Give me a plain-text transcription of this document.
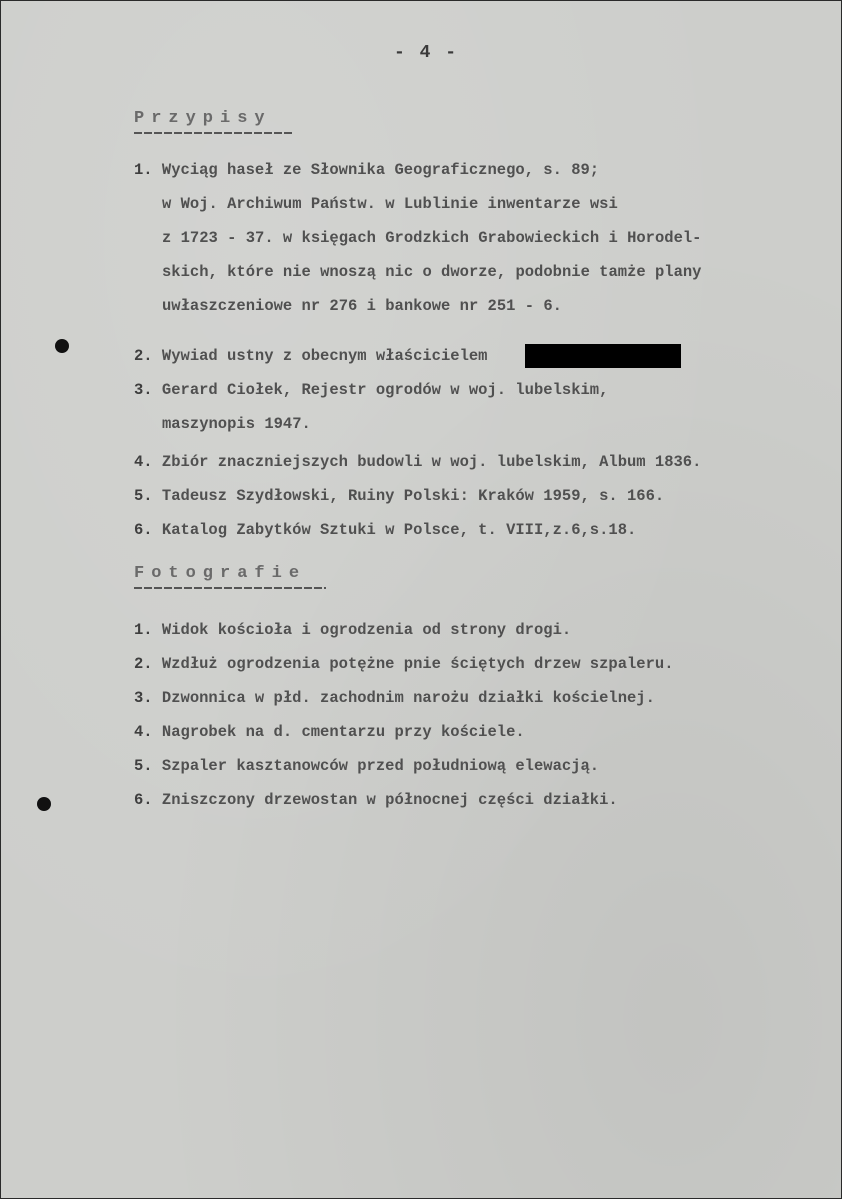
- 4 -
Przypisy
1. Wyciąg haseł ze Słownika Geograficznego, s. 89;
w Woj. Archiwum Państw. w Lublinie inwentarze wsi
z 1723 - 37. w księgach Grodzkich Grabowieckich i Horodel-
skich, które nie wnoszą nic o dworze, podobnie tamże plany
uwłaszczeniowe nr 276 i bankowe nr 251 - 6.
2. Wywiad ustny z obecnym właścicielem
3. Gerard Ciołek, Rejestr ogrodów w woj. lubelskim,
maszynopis 1947.
4. Zbiór znaczniejszych budowli w woj. lubelskim, Album 1836.
5. Tadeusz Szydłowski, Ruiny Polski: Kraków 1959, s. 166.
6. Katalog Zabytków Sztuki w Polsce, t. VIII,z.6,s.18.
Fotografie
1. Widok kościoła i ogrodzenia od strony drogi.
2. Wzdłuż ogrodzenia potężne pnie ściętych drzew szpaleru.
3. Dzwonnica w płd. zachodnim narożu działki kościelnej.
4. Nagrobek na d. cmentarzu przy kościele.
5. Szpaler kasztanowców przed południową elewacją.
6. Zniszczony drzewostan w północnej części działki.
